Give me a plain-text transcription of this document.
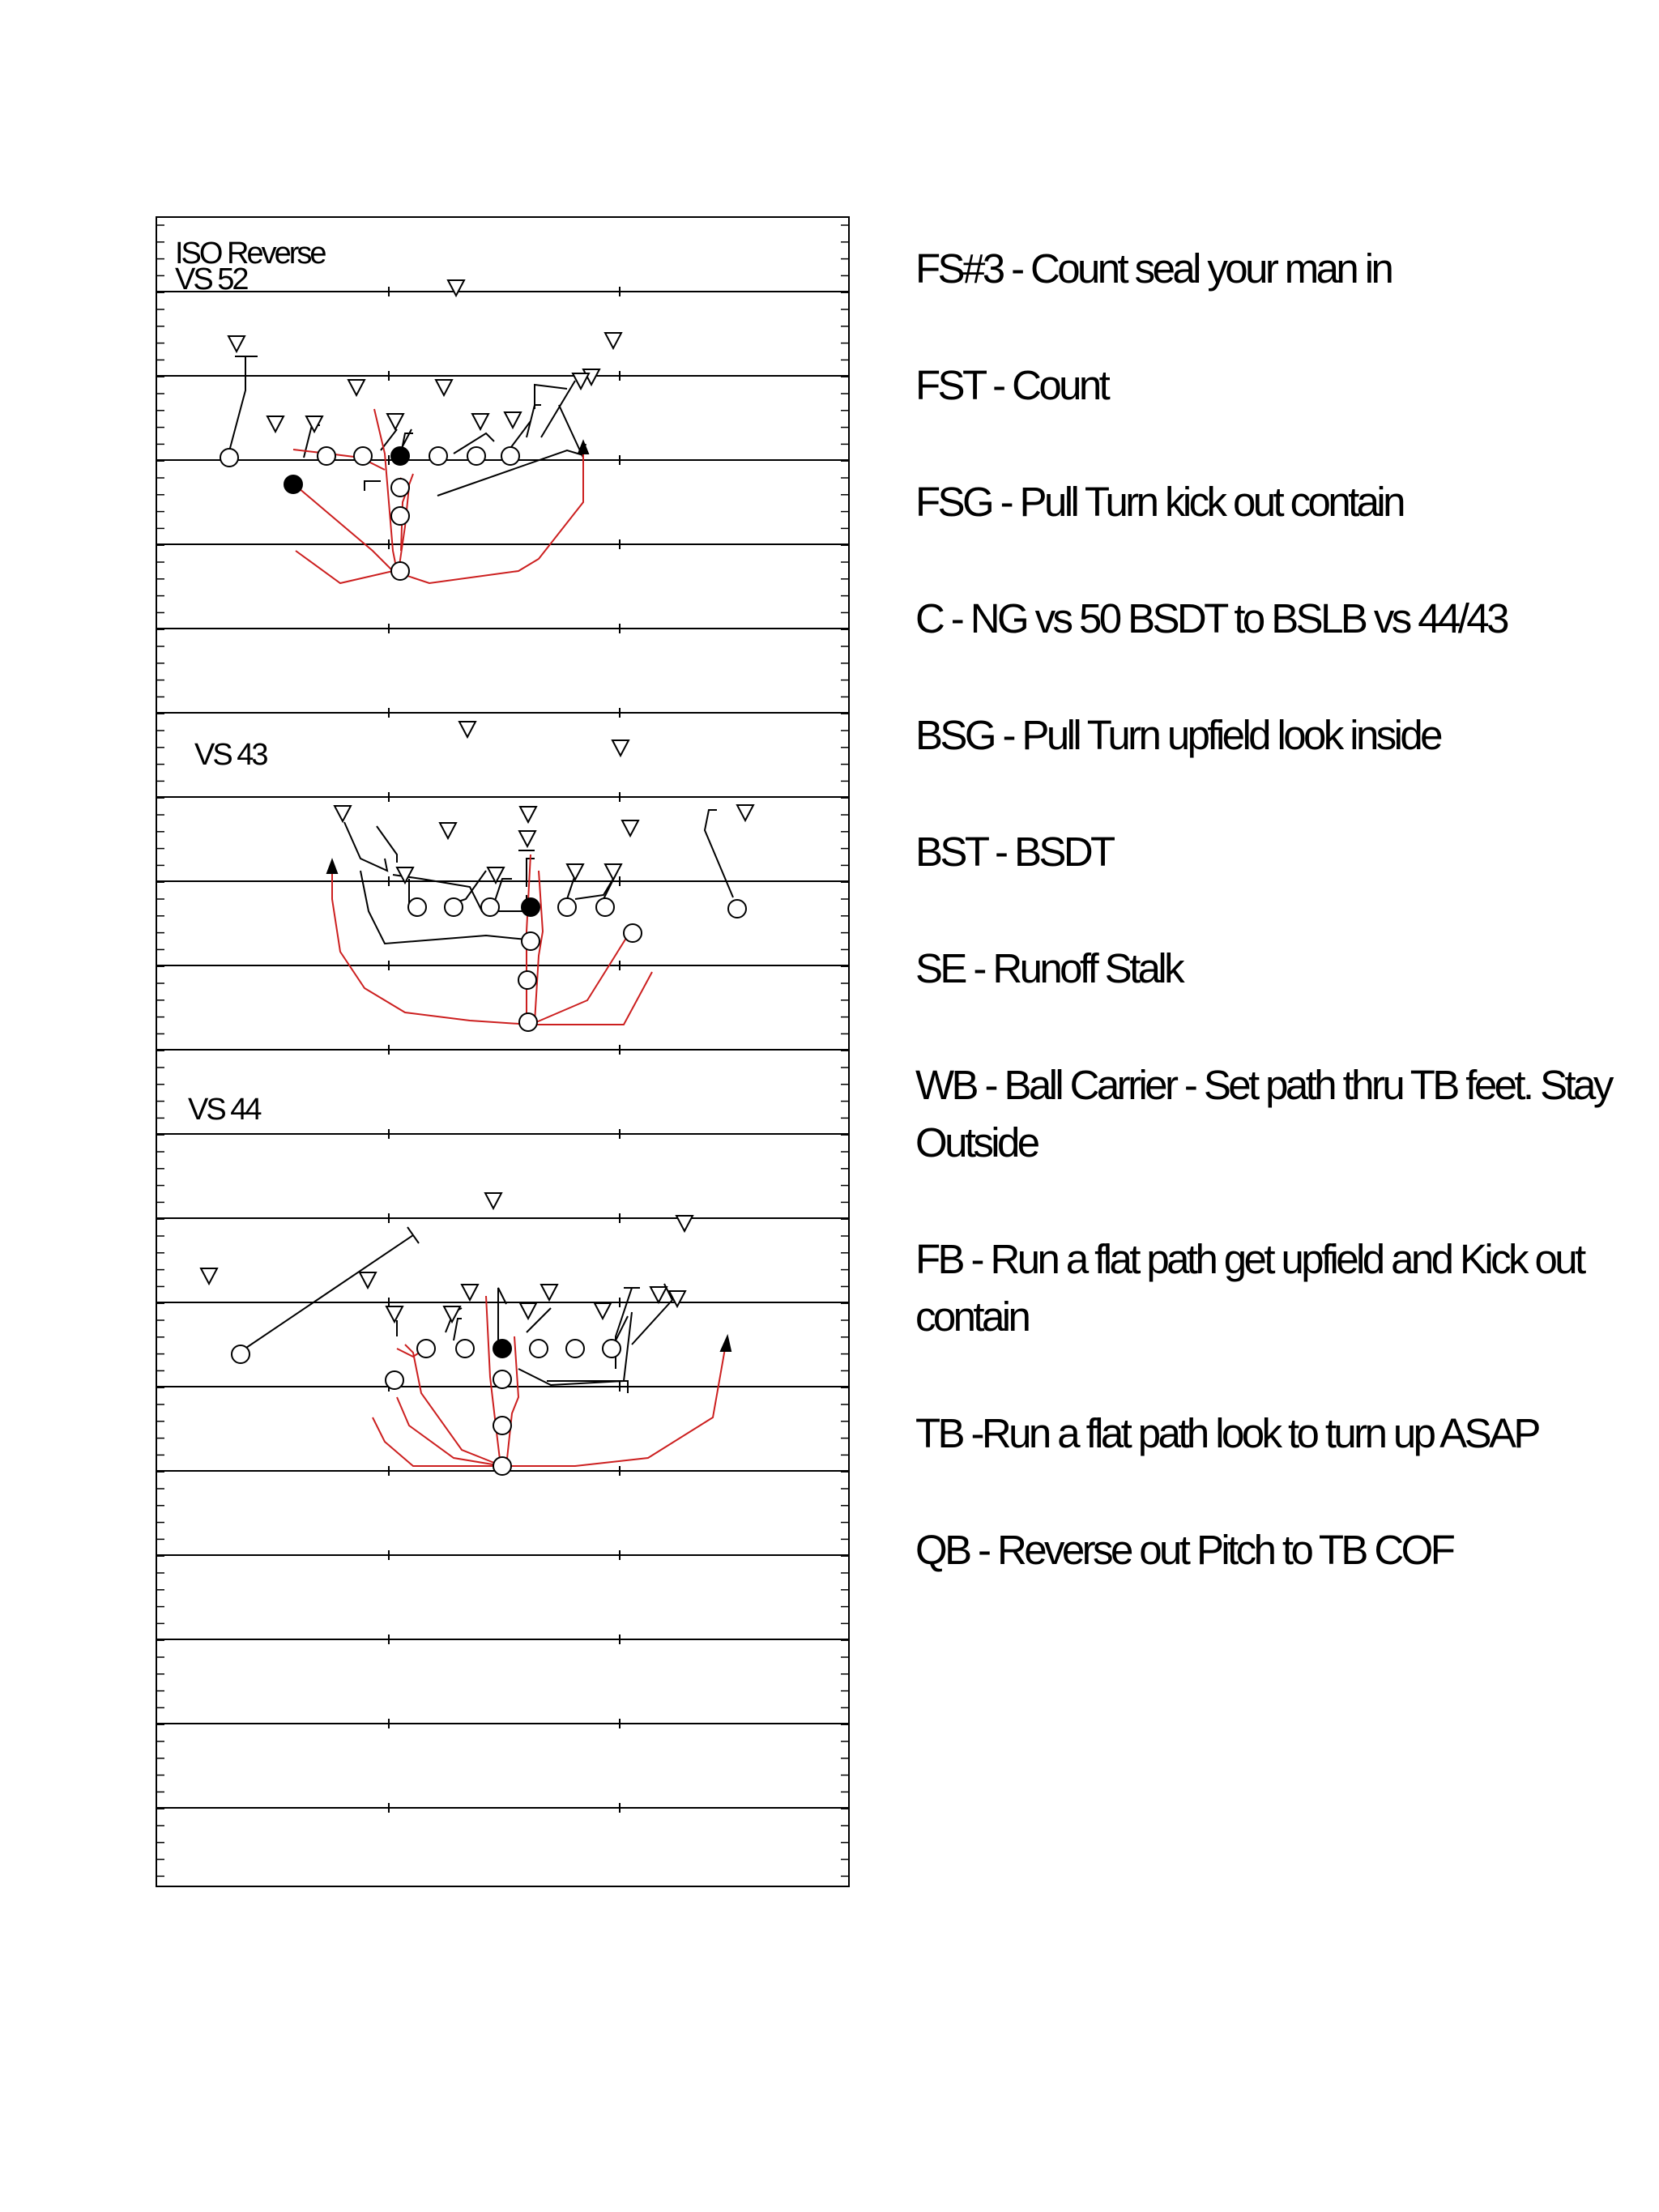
ISO Reverse
VS 52
VS 43
VS 44
FS#3 - Count seal your man in
FST - Count
FSG - Pull Turn kick out contain
C - NG vs 50 BSDT to BSLB vs 44/43
BSG - Pull Turn upfield look inside
BST - BSDT
SE - Runoff Stalk
WB - Ball Carrier - Set path thru TB feet. Stay Outside
FB - Run a flat path get upfield and Kick out contain
TB -Run a flat path look to turn up ASAP
QB - Reverse out Pitch to TB COF
